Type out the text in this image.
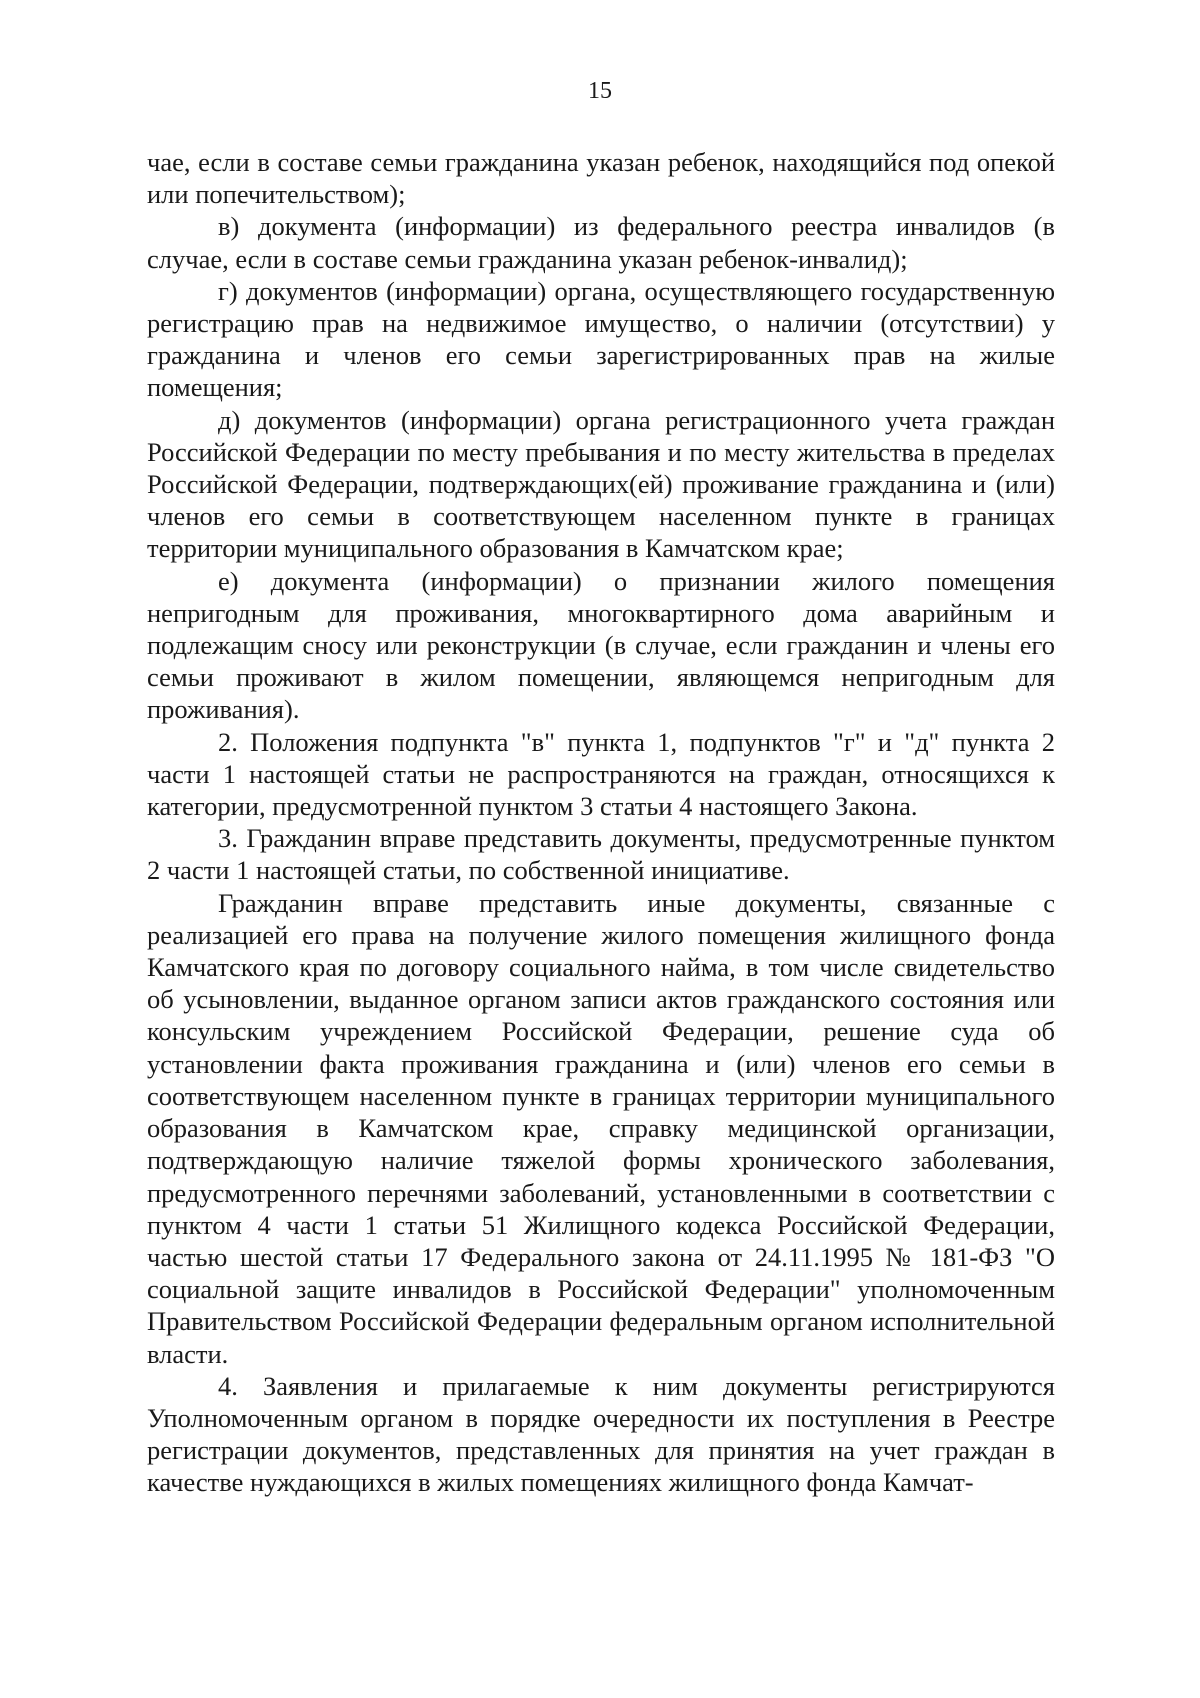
15

чае, если в составе семьи гражданина указан ребенок, находящийся под опекой или попечительством);

в) документа (информации) из федерального реестра инвалидов (в случае, если в составе семьи гражданина указан ребенок-инвалид);

г) документов (информации) органа, осуществляющего государственную регистрацию прав на недвижимое имущество, о наличии (отсутствии) у гражданина и членов его семьи зарегистрированных прав на жилые помещения;

д) документов (информации) органа регистрационного учета граждан Российской Федерации по месту пребывания и по месту жительства в пределах Российской Федерации, подтверждающих(ей) проживание гражданина и (или) членов его семьи в соответствующем населенном пункте в границах территории муниципального образования в Камчатском крае;

е) документа (информации) о признании жилого помещения непригодным для проживания, многоквартирного дома аварийным и подлежащим сносу или реконструкции (в случае, если гражданин и члены его семьи проживают в жилом помещении, являющемся непригодным для проживания).

2. Положения подпункта "в" пункта 1, подпунктов "г" и "д" пункта 2 части 1 настоящей статьи не распространяются на граждан, относящихся к категории, предусмотренной пунктом 3 статьи 4 настоящего Закона.

3. Гражданин вправе представить документы, предусмотренные пунктом 2 части 1 настоящей статьи, по собственной инициативе.

Гражданин вправе представить иные документы, связанные с реализацией его права на получение жилого помещения жилищного фонда Камчатского края по договору социального найма, в том числе свидетельство об усыновлении, выданное органом записи актов гражданского состояния или консульским учреждением Российской Федерации, решение суда об установлении факта проживания гражданина и (или) членов его семьи в соответствующем населенном пункте в границах территории муниципального образования в Камчатском крае, справку медицинской организации, подтверждающую наличие тяжелой формы хронического заболевания, предусмотренного перечнями заболеваний, установленными в соответствии с пунктом 4 части 1 статьи 51 Жилищного кодекса Российской Федерации, частью шестой статьи 17 Федерального закона от 24.11.1995 № 181-ФЗ "О социальной защите инвалидов в Российской Федерации" уполномоченным Правительством Российской Федерации федеральным органом исполнительной власти.

4. Заявления и прилагаемые к ним документы регистрируются Уполномоченным органом в порядке очередности их поступления в Реестре регистрации документов, представленных для принятия на учет граждан в качестве нуждающихся в жилых помещениях жилищного фонда Камчат-
